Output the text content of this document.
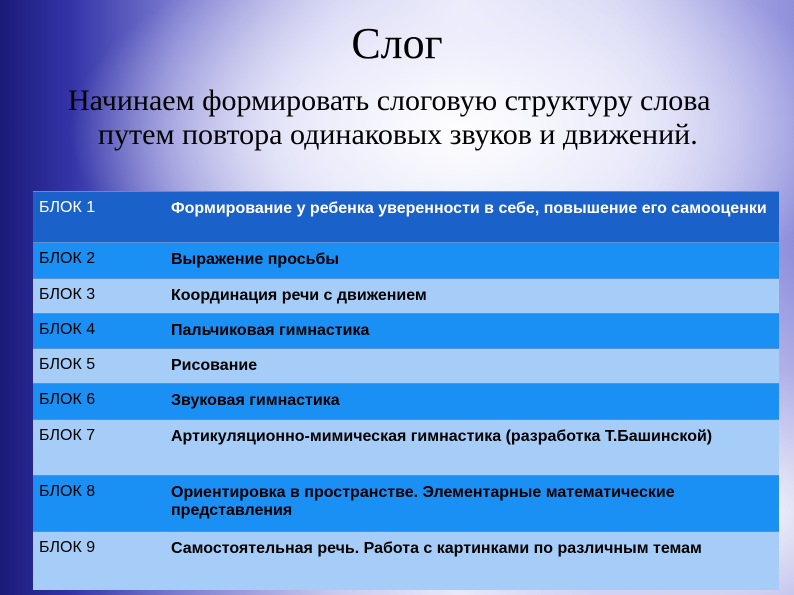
Слог
Начинаем формировать слоговую структуру слова путем повтора одинаковых звуков и движений.
БЛОК 1	Формирование у ребенка уверенности в себе, повышение его самооценки
БЛОК 2	Выражение просьбы
БЛОК 3	Координация речи с движением
БЛОК 4	Пальчиковая гимнастика
БЛОК 5	Рисование
БЛОК 6	Звуковая гимнастика
БЛОК 7	Артикуляционно-мимическая гимнастика (разработка Т.Башинской)
БЛОК 8	Ориентировка в пространстве. Элементарные математические представления
БЛОК 9	Самостоятельная речь. Работа с картинками по различным темам
